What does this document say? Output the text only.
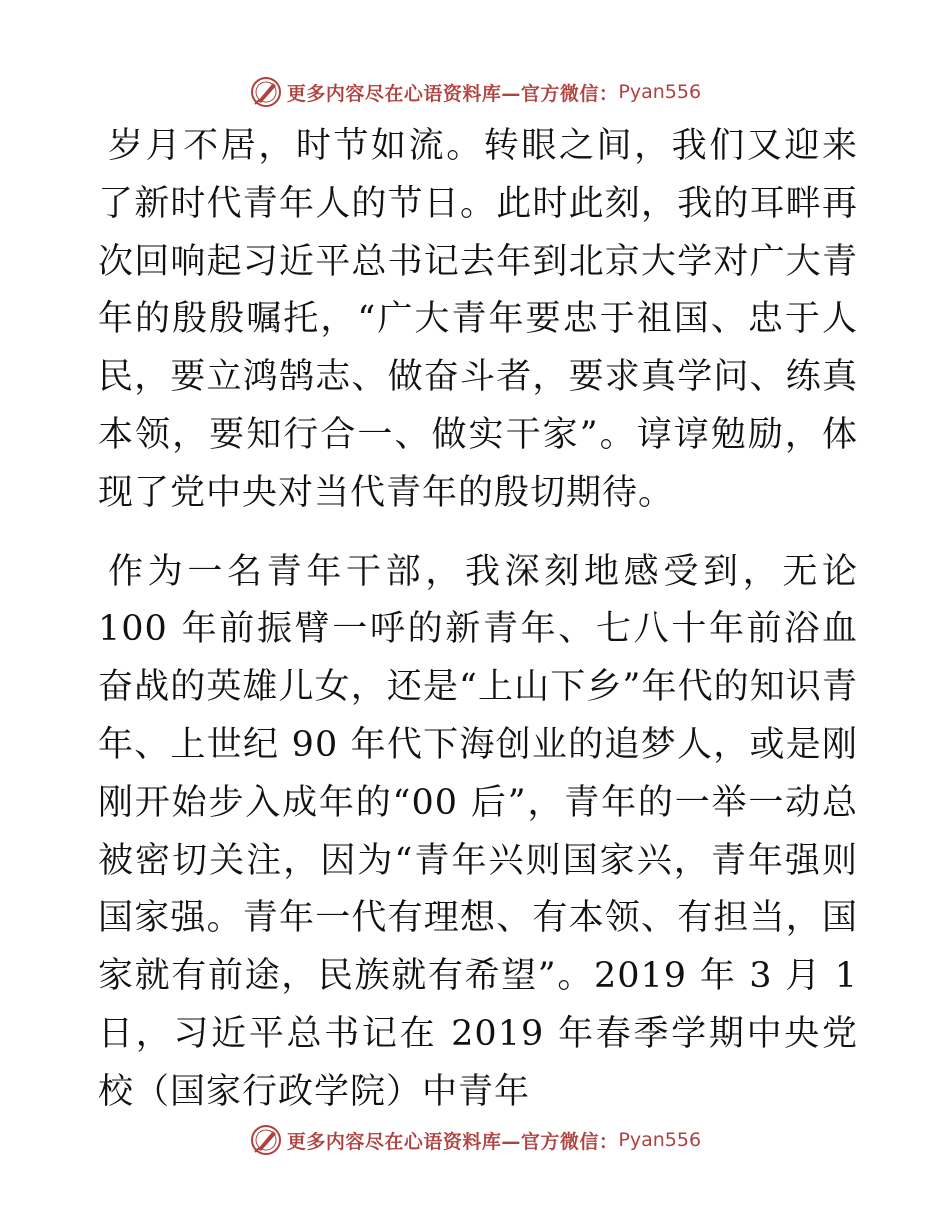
更多内容尽在心语资料库—官方微信： Pyan556

岁月不居，时节如流。转眼之间，我们又迎来了新时代青年人的节日。此时此刻，我的耳畔再次回响起习近平总书记去年到北京大学对广大青年的殷殷嘱托，“广大青年要忠于祖国、忠于人民，要立鸿鹄志、做奋斗者，要求真学问、练真本领，要知行合一、做实干家”。谆谆勉励，体现了党中央对当代青年的殷切期待。

作为一名青年干部，我深刻地感受到，无论 100 年前振臂一呼的新青年、七八十年前浴血奋战的英雄儿女，还是“上山下乡”年代的知识青年、上世纪 90 年代下海创业的追梦人，或是刚刚开始步入成年的“00 后”，青年的一举一动总被密切关注，因为“青年兴则国家兴，青年强则国家强。青年一代有理想、有本领、有担当，国家就有前途，民族就有希望”。2019 年 3 月 1 日，习近平总书记在 2019 年春季学期中央党校（国家行政学院）中青年

更多内容尽在心语资料库—官方微信： Pyan556
